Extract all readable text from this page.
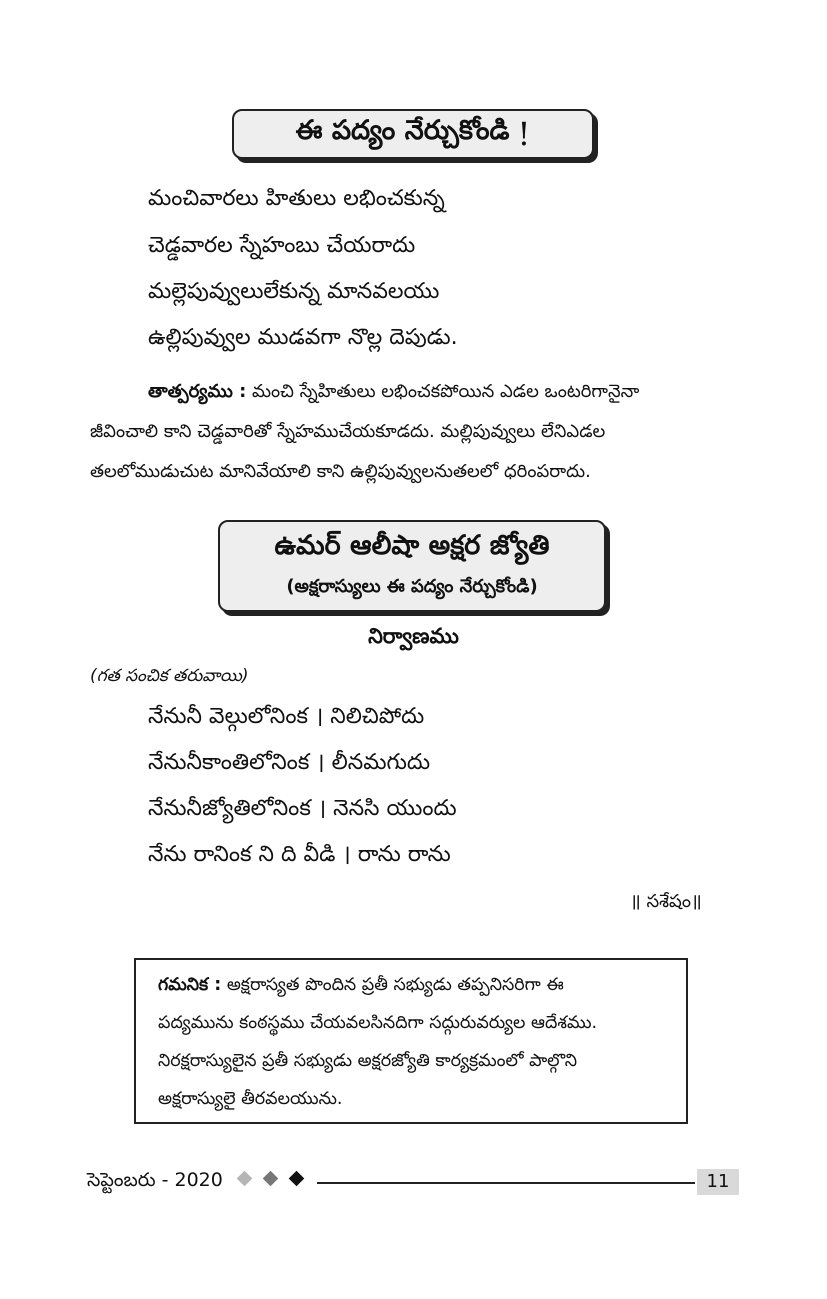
ఈ పద్యం నేర్చుకోండి !
మంచివారలు హితులు లభించకున్న
చెడ్డవారల స్నేహంబు చేయరాదు
మల్లెపువ్వులులేకున్న మానవలయు
ఉల్లిపువ్వుల ముడవగా నొల్ల దెపుడు.
తాత్పర్యము : మంచి స్నేహితులు లభించకపోయిన ఎడల ఒంటరిగానైనా
జీవించాలి కాని చెడ్డవారితో స్నేహముచేయకూడదు. మల్లిపువ్వులు లేనిఎడల
తలలోముడుచుట మానివేయాలి కాని ఉల్లిపువ్వులనుతలలో ధరింపరాదు.
ఉమర్ ఆలీషా అక్షర జ్యోతి
(అక్షరాస్యులు ఈ పద్యం నేర్చుకోండి)
నిర్వాణము
(గత సంచిక తరువాయి)
నేనునీ వెల్గులోనింక । నిలిచిపోదు
నేనునీకాంతిలోనింక । లీనమగుదు
నేనునీజ్యోతిలోనింక । నెనసి యుందు
నేను రానింక ని ది వీడి । రాను రాను
॥ సశేషం॥
గమనిక : అక్షరాస్యత పొందిన ప్రతీ సభ్యుడు తప్పనిసరిగా ఈ
పద్యమును కంఠస్థము చేయవలసినదిగా సద్గురువర్యుల ఆదేశము.
నిరక్షరాస్యులైన ప్రతీ సభ్యుడు అక్షరజ్యోతి కార్యక్రమంలో పాల్గొని
అక్షరాస్యులై తీరవలయును.
సెప్టెంబరు - 2020	11
